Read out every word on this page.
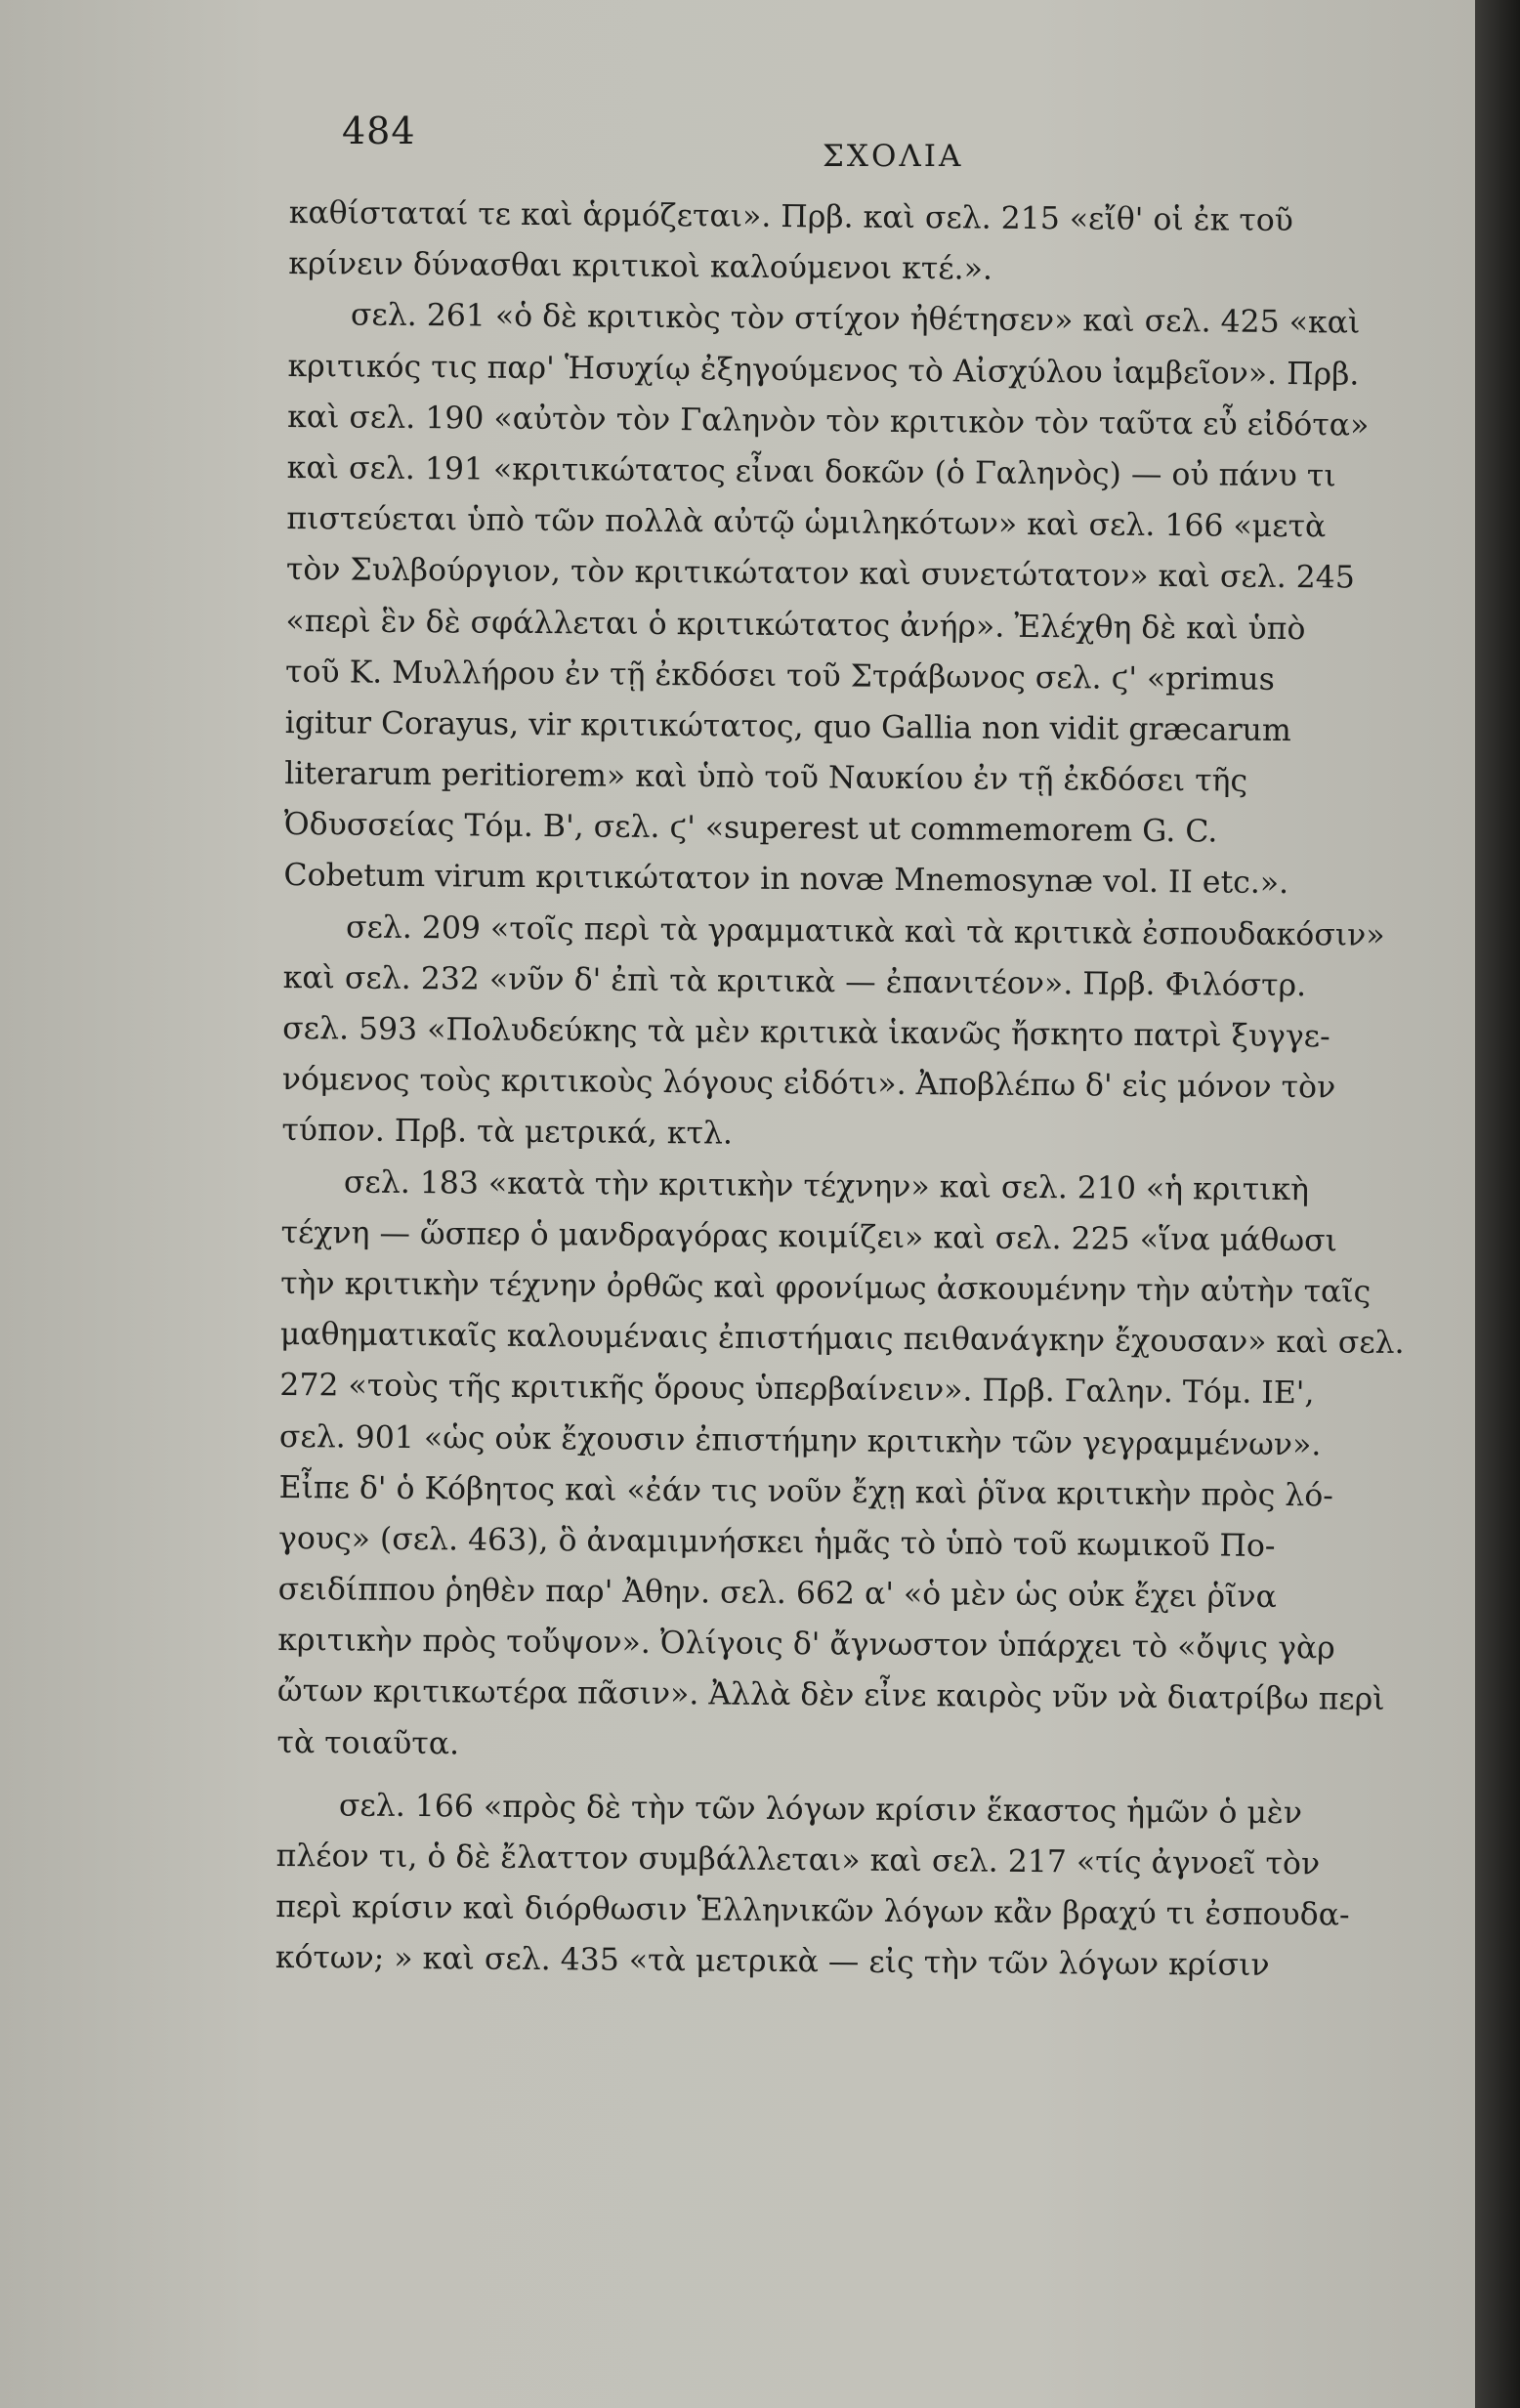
484
ΣΧΟΛΙΑ
καθίσταταί τε καὶ ἁρμόζεται». Πρβ. καὶ σελ. 215 «εἴθ' οἱ ἐκ τοῦ
κρίνειν δύνασθαι κριτικοὶ καλούμενοι κτέ.».
σελ. 261 «ὁ δὲ κριτικὸς τὸν στίχον ἠθέτησεν» καὶ σελ. 425 «καὶ
κριτικός τις παρ' Ἡσυχίῳ ἐξηγούμενος τὸ Αἰσχύλου ἰαμβεῖον». Πρβ.
καὶ σελ. 190 «αὐτὸν τὸν Γαληνὸν τὸν κριτικὸν τὸν ταῦτα εὖ εἰδότα»
καὶ σελ. 191 «κριτικώτατος εἶναι δοκῶν (ὁ Γαληνὸς) — οὐ πάνυ τι
πιστεύεται ὑπὸ τῶν πολλὰ αὐτῷ ὡμιληκότων» καὶ σελ. 166 «μετὰ
τὸν Συλβούργιον, τὸν κριτικώτατον καὶ συνετώτατον» καὶ σελ. 245
«περὶ ἓν δὲ σφάλλεται ὁ κριτικώτατος ἀνήρ». Ἐλέχθη δὲ καὶ ὑπὸ
τοῦ Κ. Μυλλήρου ἐν τῇ ἐκδόσει τοῦ Στράβωνος σελ. ϛ' «primus
igitur Corayus, vir κριτικώτατος, quo Gallia non vidit græcarum
literarum peritiorem» καὶ ὑπὸ τοῦ Ναυκίου ἐν τῇ ἐκδόσει τῆς
Ὀδυσσείας Τόμ. Β', σελ. ϛ' «superest ut commemorem G. C.
Cobetum virum κριτικώτατον in novæ Mnemosynæ vol. II etc.».
σελ. 209 «τοῖς περὶ τὰ γραμματικὰ καὶ τὰ κριτικὰ ἐσπουδακόσιν»
καὶ σελ. 232 «νῦν δ' ἐπὶ τὰ κριτικὰ — ἐπανιτέον». Πρβ. Φιλόστρ.
σελ. 593 «Πολυδεύκης τὰ μὲν κριτικὰ ἱκανῶς ἤσκητο πατρὶ ξυγγε-
νόμενος τοὺς κριτικοὺς λόγους εἰδότι». Ἀποβλέπω δ' εἰς μόνον τὸν
τύπον. Πρβ. τὰ μετρικά, κτλ.
σελ. 183 «κατὰ τὴν κριτικὴν τέχνην» καὶ σελ. 210 «ἡ κριτικὴ
τέχνη — ὥσπερ ὁ μανδραγόρας κοιμίζει» καὶ σελ. 225 «ἵνα μάθωσι
τὴν κριτικὴν τέχνην ὀρθῶς καὶ φρονίμως ἀσκουμένην τὴν αὐτὴν ταῖς
μαθηματικαῖς καλουμέναις ἐπιστήμαις πειθανάγκην ἔχουσαν» καὶ σελ.
272 «τοὺς τῆς κριτικῆς ὅρους ὑπερβαίνειν». Πρβ. Γαλην. Τόμ. ΙΕ',
σελ. 901 «ὡς οὐκ ἔχουσιν ἐπιστήμην κριτικὴν τῶν γεγραμμένων».
Εἶπε δ' ὁ Κόβητος καὶ «ἐάν τις νοῦν ἔχῃ καὶ ῥῖνα κριτικὴν πρὸς λό-
γους» (σελ. 463), ὃ ἀναμιμνήσκει ἡμᾶς τὸ ὑπὸ τοῦ κωμικοῦ Πο-
σειδίππου ῥηθὲν παρ' Ἀθην. σελ. 662 α' «ὁ μὲν ὡς οὐκ ἔχει ῥῖνα
κριτικὴν πρὸς τοὔψον». Ὀλίγοις δ' ἄγνωστον ὑπάρχει τὸ «ὄψις γὰρ
ὤτων κριτικωτέρα πᾶσιν». Ἀλλὰ δὲν εἶνε καιρὸς νῦν νὰ διατρίβω περὶ
τὰ τοιαῦτα.
σελ. 166 «πρὸς δὲ τὴν τῶν λόγων κρίσιν ἕκαστος ἡμῶν ὁ μὲν
πλέον τι, ὁ δὲ ἔλαττον συμβάλλεται» καὶ σελ. 217 «τίς ἀγνοεῖ τὸν
περὶ κρίσιν καὶ διόρθωσιν Ἑλληνικῶν λόγων κἂν βραχύ τι ἐσπουδα-
κότων; » καὶ σελ. 435 «τὰ μετρικὰ — εἰς τὴν τῶν λόγων κρίσιν
